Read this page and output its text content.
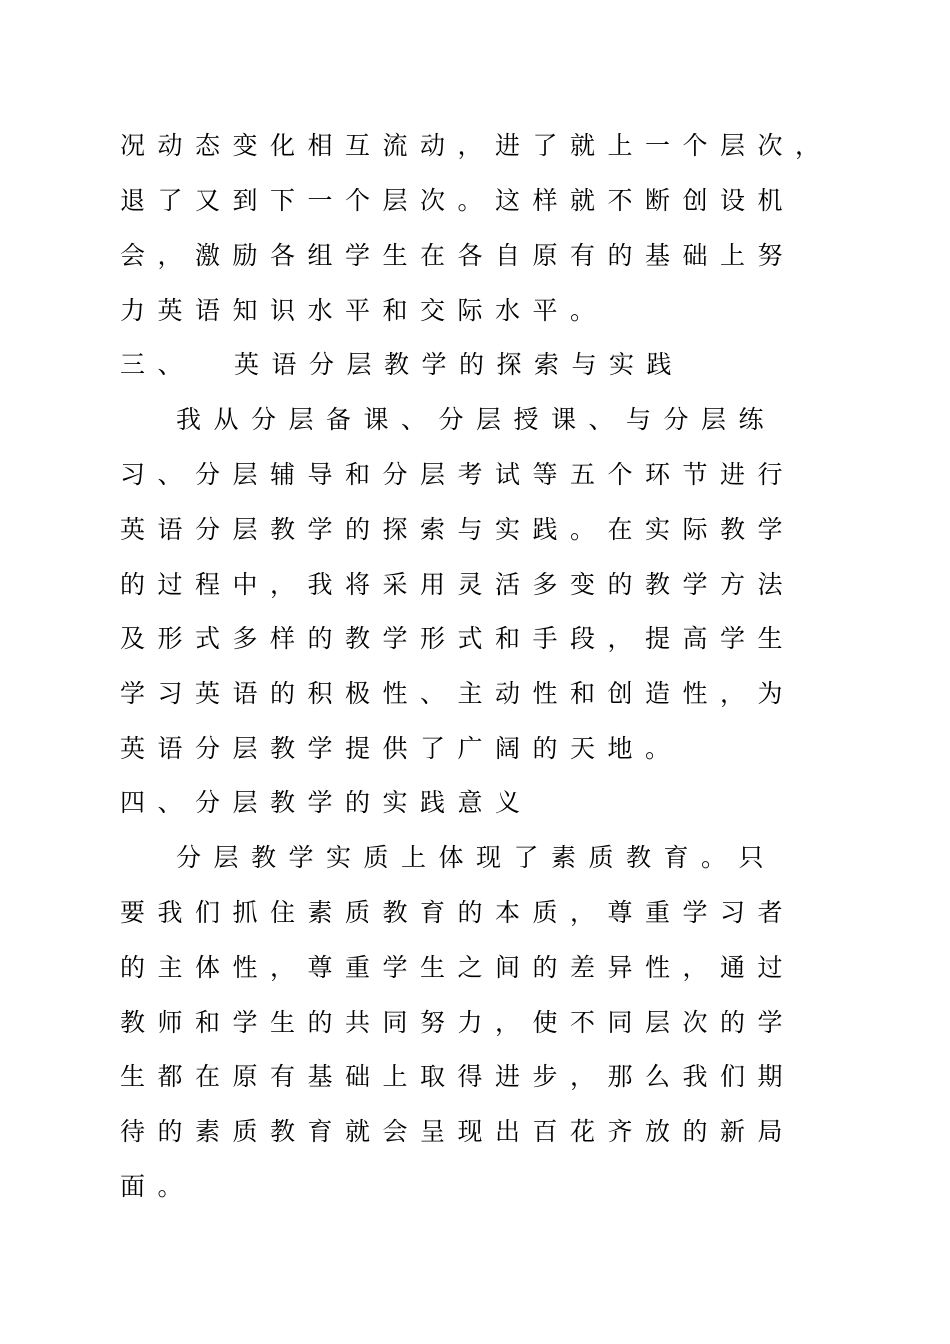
况动态变化相互流动，进了就上一个层次，
退了又到下一个层次。这样就不断创设机
会，激励各组学生在各自原有的基础上努
力英语知识水平和交际水平。
三、 英语分层教学的探索与实践
我从分层备课、分层授课、与分层练
习、分层辅导和分层考试等五个环节进行
英语分层教学的探索与实践。在实际教学
的过程中，我将采用灵活多变的教学方法
及形式多样的教学形式和手段，提高学生
学习英语的积极性、主动性和创造性，为
英语分层教学提供了广阔的天地。
四、分层教学的实践意义
分层教学实质上体现了素质教育。只
要我们抓住素质教育的本质，尊重学习者
的主体性，尊重学生之间的差异性，通过
教师和学生的共同努力，使不同层次的学
生都在原有基础上取得进步，那么我们期
待的素质教育就会呈现出百花齐放的新局
面。
